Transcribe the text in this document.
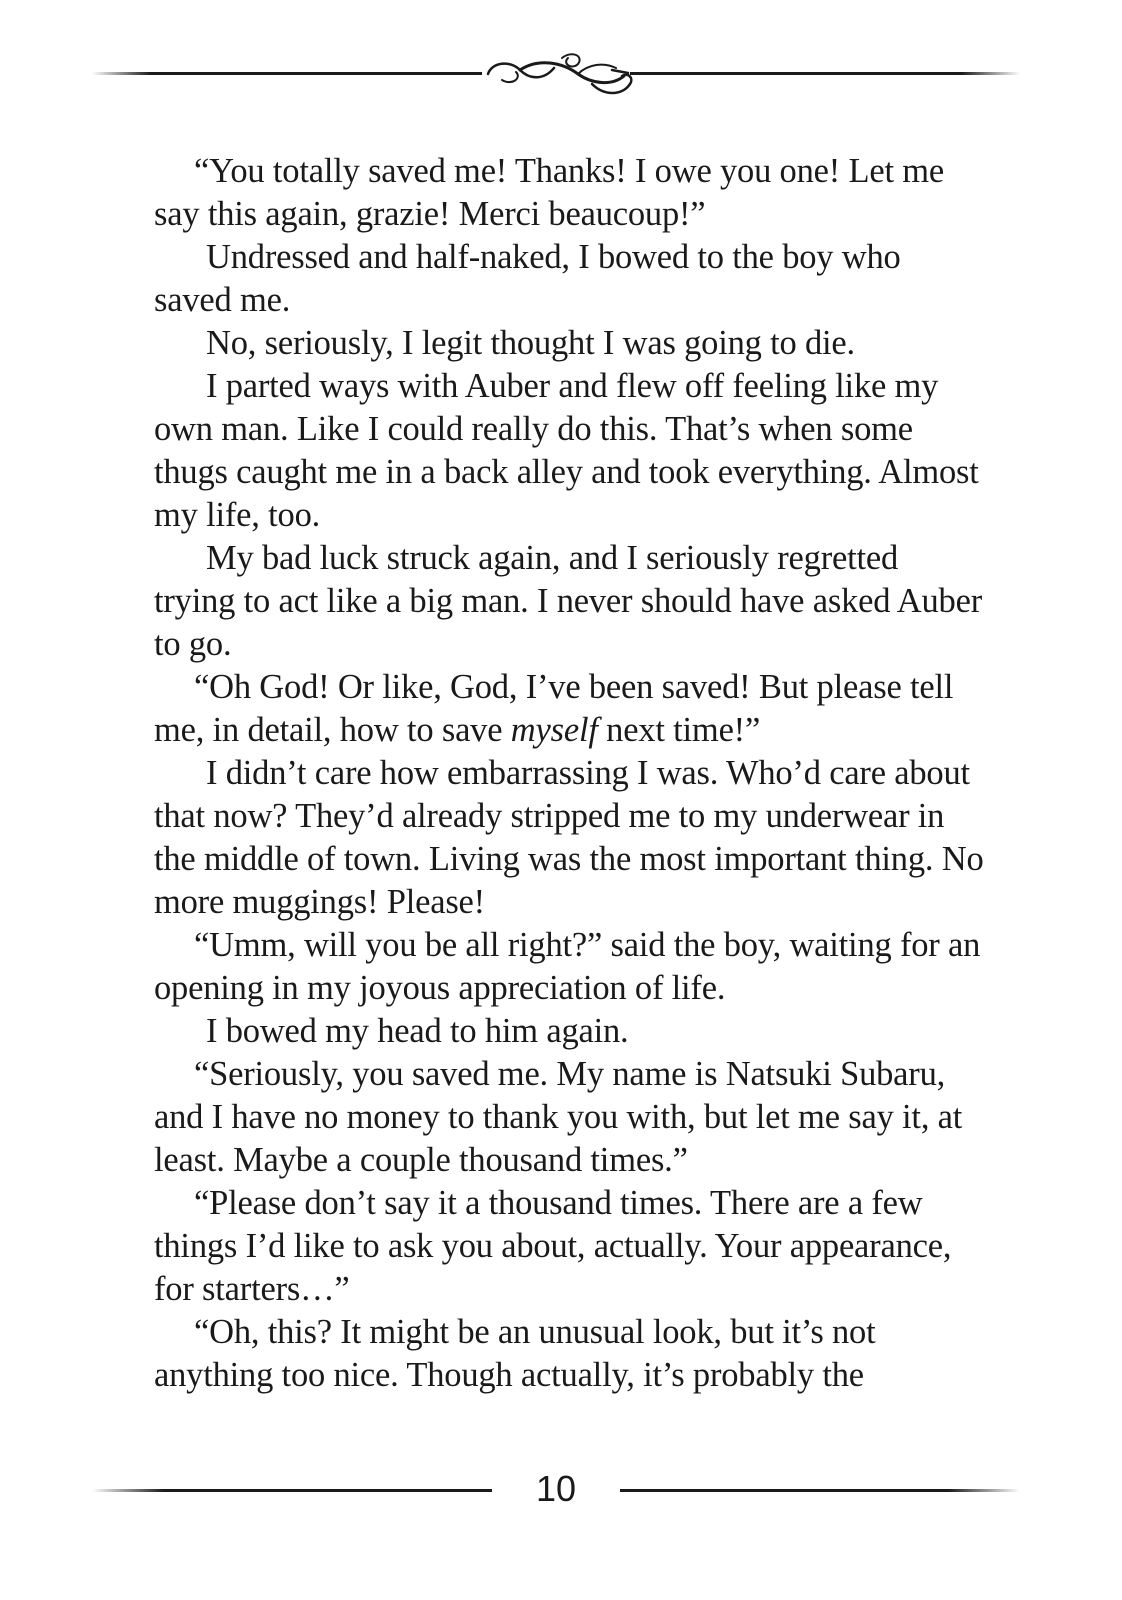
“You totally saved me! Thanks! I owe you one! Let me say this again, grazie! Merci beaucoup!”

Undressed and half-naked, I bowed to the boy who saved me.

No, seriously, I legit thought I was going to die.

I parted ways with Auber and flew off feeling like my own man. Like I could really do this. That’s when some thugs caught me in a back alley and took everything. Almost my life, too.

My bad luck struck again, and I seriously regretted trying to act like a big man. I never should have asked Auber to go.

“Oh God! Or like, God, I’ve been saved! But please tell me, in detail, how to save myself next time!”

I didn’t care how embarrassing I was. Who’d care about that now? They’d already stripped me to my underwear in the middle of town. Living was the most important thing. No more muggings! Please!

“Umm, will you be all right?” said the boy, waiting for an opening in my joyous appreciation of life.

I bowed my head to him again.

“Seriously, you saved me. My name is Natsuki Subaru, and I have no money to thank you with, but let me say it, at least. Maybe a couple thousand times.”

“Please don’t say it a thousand times. There are a few things I’d like to ask you about, actually. Your appearance, for starters…”

“Oh, this? It might be an unusual look, but it’s not anything too nice. Though actually, it’s probably the

10
